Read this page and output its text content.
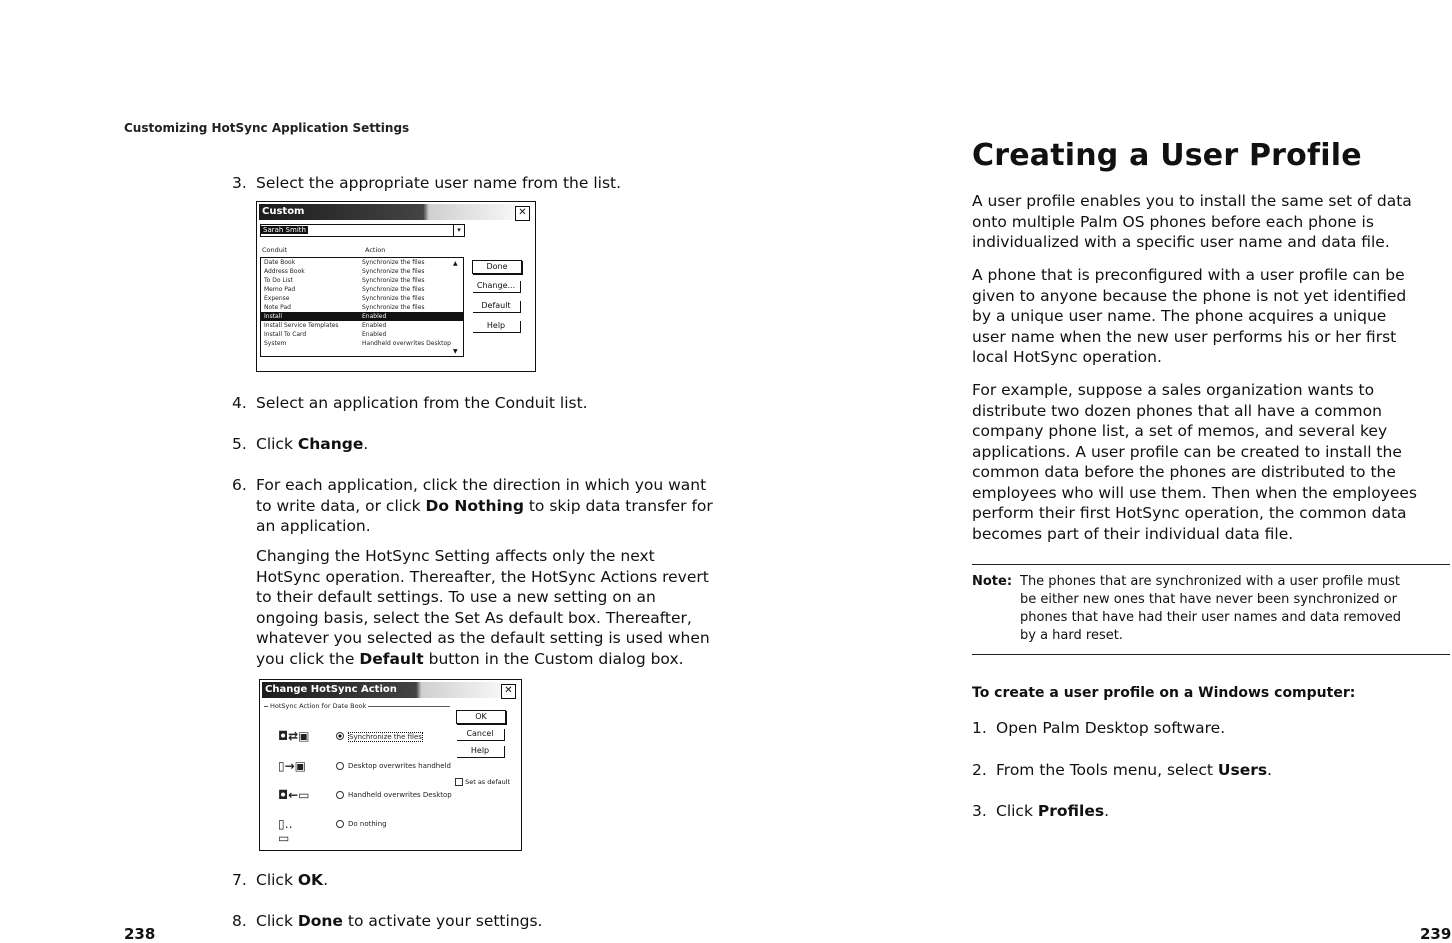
Customizing HotSync Application Settings
3. Select the appropriate user name from the list.
Custom	✕
Sarah Smith	▾
Conduit	Action
Date Book	Synchronize the files
Address Book	Synchronize the files
To Do List	Synchronize the files
Memo Pad	Synchronize the files
Expense	Synchronize the files
Note Pad	Synchronize the files
Install	Enabled
Install Service Templates	Enabled
Install To Card	Enabled
System	Handheld overwrites Desktop
▲
▼
Done
Change...
Default
Help
4. Select an application from the Conduit list.
5. Click Change.
6. For each application, click the direction in which you want
to write data, or click Do Nothing to skip data transfer for
an application.
Changing the HotSync Setting affects only the next
HotSync operation. Thereafter, the HotSync Actions revert
to their default settings. To use a new setting on an
ongoing basis, select the Set As default box. Thereafter,
whatever you selected as the default setting is used when
you click the Default button in the Custom dialog box.
Change HotSync Action	✕
HotSync Action for Date Book
◘⇄▣	Synchronize the files
▯→▣	Desktop overwrites handheld
◘←▭	Handheld overwrites Desktop
▯‥▭
Do nothing
OK
Cancel
Help
Set as default
7. Click OK.
8. Click Done to activate your settings.
238
Creating a User Profile
A user profile enables you to install the same set of data
onto multiple Palm OS phones before each phone is
individualized with a specific user name and data file.
A phone that is preconfigured with a user profile can be
given to anyone because the phone is not yet identified
by a unique user name. The phone acquires a unique
user name when the new user performs his or her first
local HotSync operation.
For example, suppose a sales organization wants to
distribute two dozen phones that all have a common
company phone list, a set of memos, and several key
applications. A user profile can be created to install the
common data before the phones are distributed to the
employees who will use them. Then when the employees
perform their first HotSync operation, the common data
becomes part of their individual data file.
Note: The phones that are synchronized with a user profile must
be either new ones that have never been synchronized or
phones that have had their user names and data removed
by a hard reset.
To create a user profile on a Windows computer:
1. Open Palm Desktop software.
2. From the Tools menu, select Users.
3. Click Profiles.
239
